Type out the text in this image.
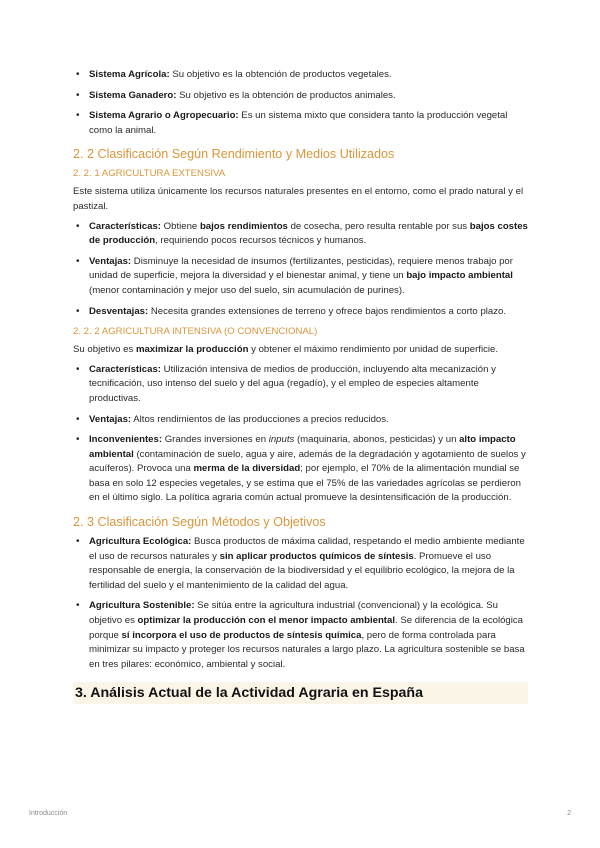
• Sistema Agrícola: Su objetivo es la obtención de productos vegetales.
• Sistema Ganadero: Su objetivo es la obtención de productos animales.
• Sistema Agrario o Agropecuario: Es un sistema mixto que considera tanto la producción vegetal como la animal.
2. 2 Clasificación Según Rendimiento y Medios Utilizados
2. 2. 1 AGRICULTURA EXTENSIVA

Este sistema utiliza únicamente los recursos naturales presentes en el entorno, como el prado natural y el pastizal.

• Características: Obtiene bajos rendimientos de cosecha, pero resulta rentable por sus bajos costes de producción, requiriendo pocos recursos técnicos y humanos.
• Ventajas: Disminuye la necesidad de insumos (fertilizantes, pesticidas), requiere menos trabajo por unidad de superficie, mejora la diversidad y el bienestar animal, y tiene un bajo impacto ambiental (menor contaminación y mejor uso del suelo, sin acumulación de purines).
• Desventajas: Necesita grandes extensiones de terreno y ofrece bajos rendimientos a corto plazo.
2. 2. 2 AGRICULTURA INTENSIVA (O CONVENCIONAL)

Su objetivo es maximizar la producción y obtener el máximo rendimiento por unidad de superficie.

• Características: Utilización intensiva de medios de producción, incluyendo alta mecanización y tecnificación, uso intenso del suelo y del agua (regadío), y el empleo de especies altamente productivas.
• Ventajas: Altos rendimientos de las producciones a precios reducidos.
• Inconvenientes: Grandes inversiones en inputs (maquinaria, abonos, pesticidas) y un alto impacto ambiental (contaminación de suelo, agua y aire, además de la degradación y agotamiento de suelos y acuíferos). Provoca una merma de la diversidad; por ejemplo, el 70% de la alimentación mundial se basa en solo 12 especies vegetales, y se estima que el 75% de las variedades agrícolas se perdieron en el último siglo. La política agraria común actual promueve la desintensificación de la producción.
2. 3 Clasificación Según Métodos y Objetivos
• Agricultura Ecológica: Busca productos de máxima calidad, respetando el medio ambiente mediante el uso de recursos naturales y sin aplicar productos químicos de síntesis. Promueve el uso responsable de energía, la conservación de la biodiversidad y el equilibrio ecológico, la mejora de la fertilidad del suelo y el mantenimiento de la calidad del agua.
• Agricultura Sostenible: Se sitúa entre la agricultura industrial (convencional) y la ecológica. Su objetivo es optimizar la producción con el menor impacto ambiental. Se diferencia de la ecológica porque sí incorpora el uso de productos de síntesis química, pero de forma controlada para minimizar su impacto y proteger los recursos naturales a largo plazo. La agricultura sostenible se basa en tres pilares: económico, ambiental y social.
3. Análisis Actual de la Actividad Agraria en España
Introducción	2
